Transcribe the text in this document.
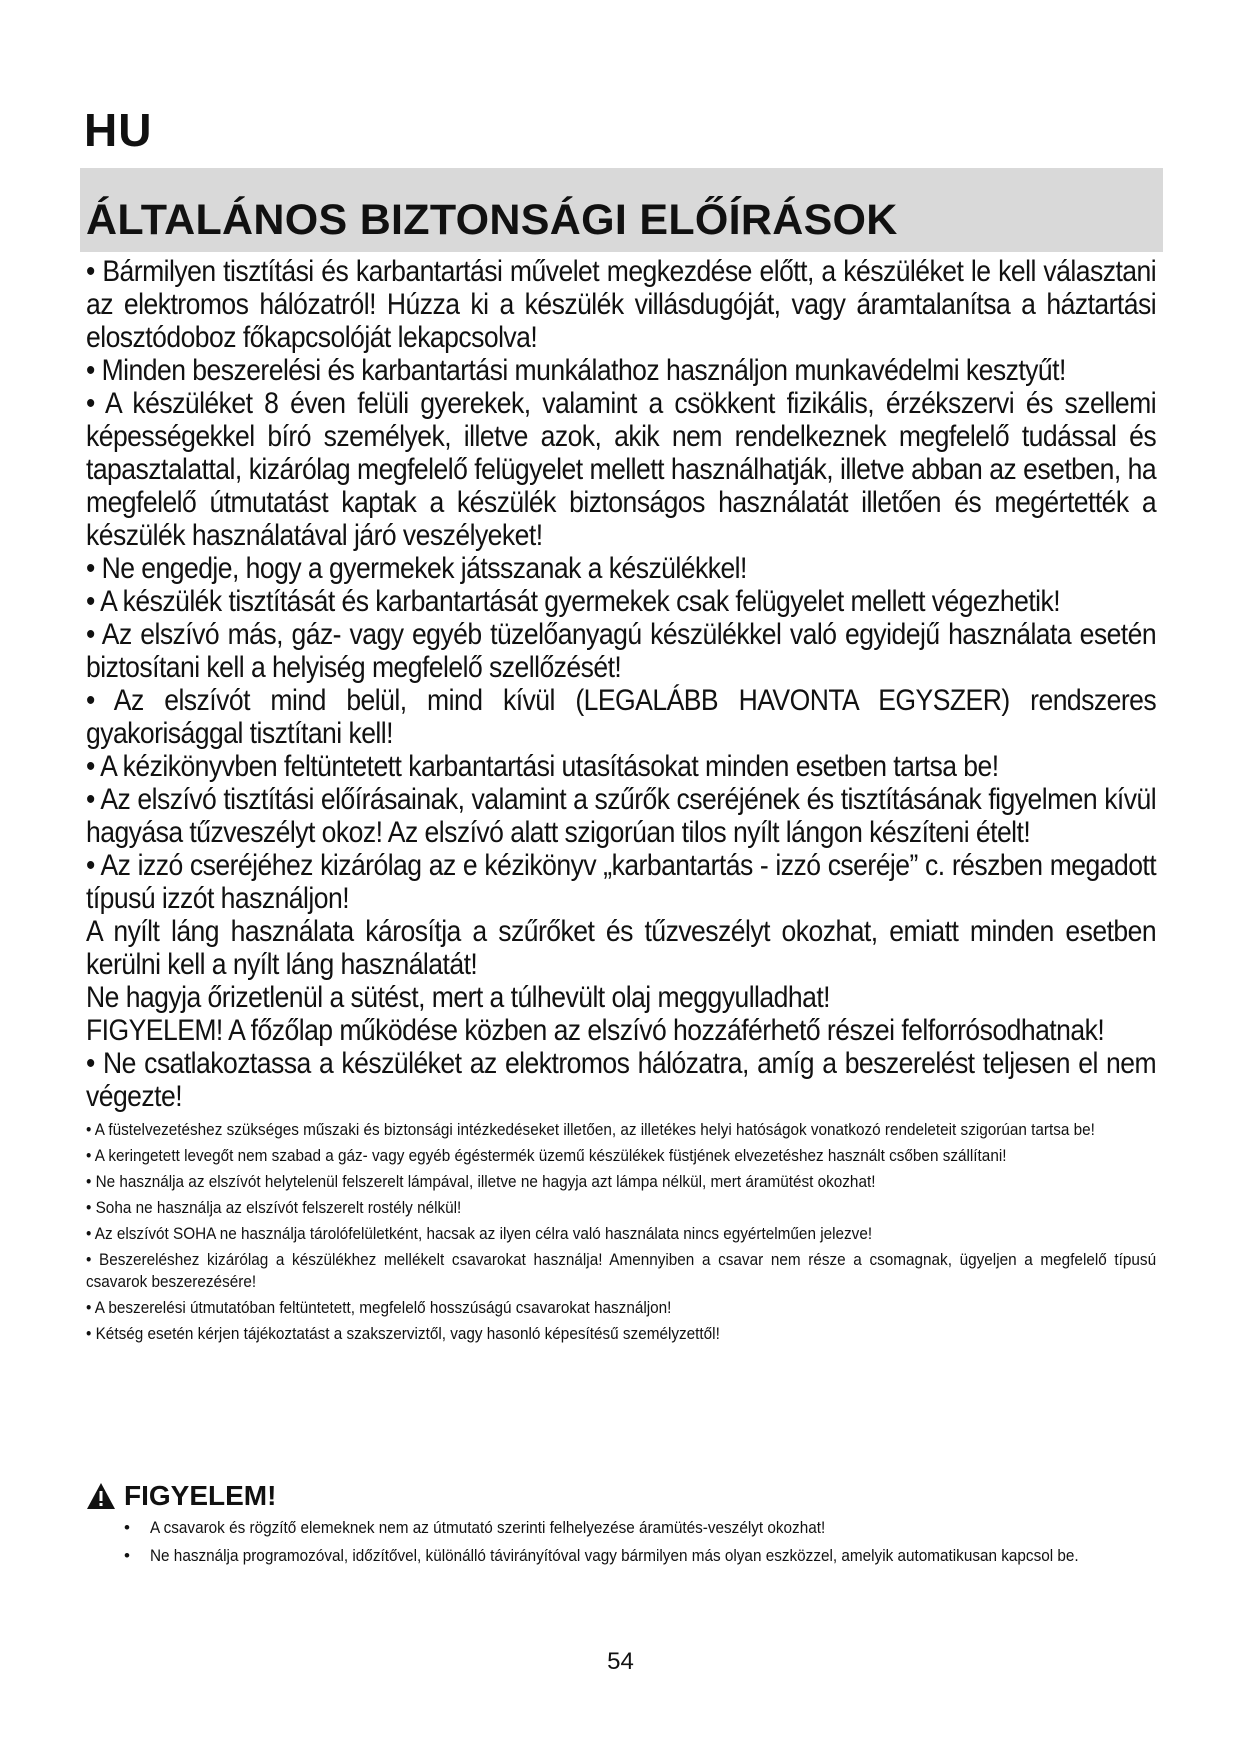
HU
ÁLTALÁNOS BIZTONSÁGI ELŐÍRÁSOK

• Bármilyen tisztítási és karbantartási művelet megkezdése előtt, a készüléket le kell választani az elektromos hálózatról! Húzza ki a készülék villásdugóját, vagy áramtalanítsa a háztartási elosztódoboz főkapcsolóját lekapcsolva!

• Minden beszerelési és karbantartási munkálathoz használjon munkavédelmi kesztyűt!

• A készüléket 8 éven felüli gyerekek, valamint a csökkent fizikális, érzékszervi és szellemi képességekkel bíró személyek, illetve azok, akik nem rendelkeznek megfelelő tudással és tapasztalattal, kizárólag megfelelő felügyelet mellett használhatják, illetve abban az esetben, ha megfelelő útmutatást kaptak a készülék biztonságos használatát illetően és megértették a készülék használatával járó veszélyeket!

• Ne engedje, hogy a gyermekek játsszanak a készülékkel!

• A készülék tisztítását és karbantartását gyermekek csak felügyelet mellett végezhetik!

• Az elszívó más, gáz- vagy egyéb tüzelőanyagú készülékkel való egyidejű használata esetén biztosítani kell a helyiség megfelelő szellőzését!

• Az elszívót mind belül, mind kívül (LEGALÁBB HAVONTA EGYSZER) rendszeres gyakorisággal tisztítani kell!

• A kézikönyvben feltüntetett karbantartási utasításokat minden esetben tartsa be!

• Az elszívó tisztítási előírásainak, valamint a szűrők cseréjének és tisztításának figyelmen kívül hagyása tűzveszélyt okoz! Az elszívó alatt szigorúan tilos nyílt lángon készíteni ételt!

• Az izzó cseréjéhez kizárólag az e kézikönyv „karbantartás - izzó cseréje” c. részben megadott típusú izzót használjon!

A nyílt láng használata károsítja a szűrőket és tűzveszélyt okozhat, emiatt minden esetben kerülni kell a nyílt láng használatát!

Ne hagyja őrizetlenül a sütést, mert a túlhevült olaj meggyulladhat!

FIGYELEM! A főzőlap működése közben az elszívó hozzáférhető részei felforrósodhatnak!

• Ne csatlakoztassa a készüléket az elektromos hálózatra, amíg a beszerelést teljesen el nem végezte!

• A füstelvezetéshez szükséges műszaki és biztonsági intézkedéseket illetően, az illetékes helyi hatóságok vonatkozó rendeleteit szigorúan tartsa be!

• A keringetett levegőt nem szabad a gáz- vagy egyéb égéstermék üzemű készülékek füstjének elvezetéshez használt csőben szállítani!

• Ne használja az elszívót helytelenül felszerelt lámpával, illetve ne hagyja azt lámpa nélkül, mert áramütést okozhat!

• Soha ne használja az elszívót felszerelt rostély nélkül!

• Az elszívót SOHA ne használja tárolófelületként, hacsak az ilyen célra való használata nincs egyértelműen jelezve!

• Beszereléshez kizárólag a készülékhez mellékelt csavarokat használja! Amennyiben a csavar nem része a csomagnak, ügyeljen a megfelelő típusú csavarok beszerezésére!

• A beszerelési útmutatóban feltüntetett, megfelelő hosszúságú csavarokat használjon!

• Kétség esetén kérjen tájékoztatást a szakszerviztől, vagy hasonló képesítésű személyzettől!

FIGYELEM!
• A csavarok és rögzítő elemeknek nem az útmutató szerinti felhelyezése áramütés-veszélyt okozhat!
• Ne használja programozóval, időzítővel, különálló távirányítóval vagy bármilyen más olyan eszközzel, amelyik automatikusan kapcsol be.
54
